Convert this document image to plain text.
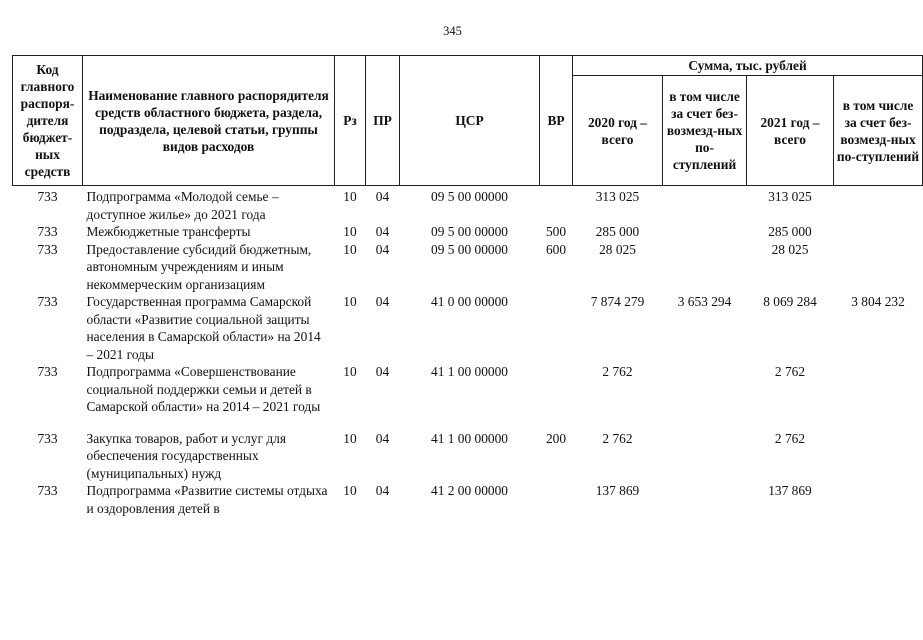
345
Код главного распоря-дителя бюджет-ных средств	Наименование главного распорядителя средств областного бюджета, раздела, подраздела, целевой статьи, группы видов расходов	Рз	ПР	ЦСР	ВР	Сумма, тыс. рублей			
						2020 год – всего	в том числе за счет без-возмезд-ных по-ступлений	2021 год – всего	в том числе за счет без-возмезд-ных по-ступлений
733	Подпрограмма «Молодой семье – доступное жилье» до 2021 года	10	04	09 5 00 00000		313 025		313 025	
733	Межбюджетные трансферты	10	04	09 5 00 00000	500	285 000		285 000	
733	Предоставление субсидий бюджетным, автономным учреждениям и иным некоммерческим организациям	10	04	09 5 00 00000	600	28 025		28 025	
733	Государственная программа Самарской области «Развитие социальной защиты населения в Самарской области» на 2014 – 2021 годы	10	04	41 0 00 00000		7 874 279	3 653 294	8 069 284	3 804 232
733	Подпрограмма «Совершенствование социальной поддержки семьи и детей в Самарской области» на 2014 – 2021 годы	10	04	41 1 00 00000		2 762		2 762	
733	Закупка товаров, работ и услуг для обеспечения государственных (муниципальных) нужд	10	04	41 1 00 00000	200	2 762		2 762	
733	Подпрограмма «Развитие системы отдыха и оздоровления детей в	10	04	41 2 00 00000		137 869		137 869	
